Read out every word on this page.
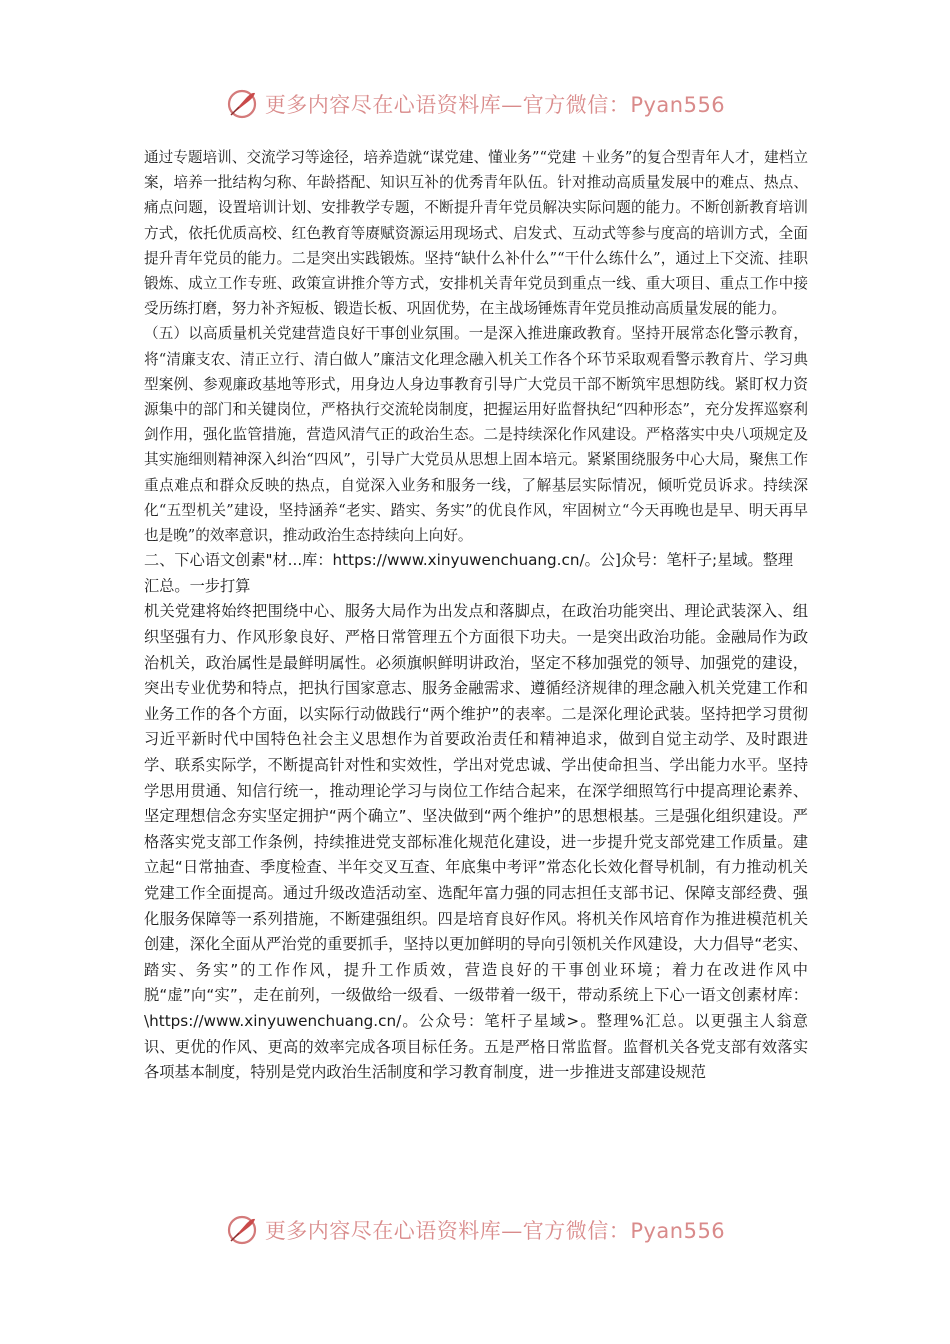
更多内容尽在心语资料库—官方微信：Pyan556

通过专题培训、交流学习等途径，培养造就“谋党建、懂业务”“党建 ＋业务”的复合型青年人才，建档立案，培养一批结构匀称、年龄搭配、知识互补的优秀青年队伍。针对推动高质量发展中的难点、热点、痛点问题，设置培训计划、安排教学专题，不断提升青年党员解决实际问题的能力。不断创新教育培训方式，依托优质高校、红色教育等赓赋资源运用现场式、启发式、互动式等参与度高的培训方式，全面提升青年党员的能力。二是突出实践锻炼。坚持“缺什么补什么”“干什么练什么”，通过上下交流、挂职锻炼、成立工作专班、政策宣讲推介等方式，安排机关青年党员到重点一线、重大项目、重点工作中接受历练打磨，努力补齐短板、锻造长板、巩固优势，在主战场锤炼青年党员推动高质量发展的能力。

（五）以高质量机关党建营造良好干事创业氛围。一是深入推进廉政教育。坚持开展常态化警示教育，将“清廉支农、清正立行、清白做人”廉洁文化理念融入机关工作各个环节采取观看警示教育片、学习典型案例、参观廉政基地等形式，用身边人身边事教育引导广大党员干部不断筑牢思想防线。紧盯权力资源集中的部门和关键岗位，严格执行交流轮岗制度，把握运用好监督执纪“四种形态”，充分发挥巡察利剑作用，强化监管措施，营造风清气正的政治生态。二是持续深化作风建设。严格落实中央八项规定及其实施细则精神深入纠治“四风”，引导广大党员从思想上固本培元。紧紧围绕服务中心大局，聚焦工作重点难点和群众反映的热点，自觉深入业务和服务一线，了解基层实际情况，倾听党员诉求。持续深化“五型机关”建设，坚持涵养“老实、踏实、务实”的优良作风，牢固树立“今天再晚也是早、明天再早也是晚”的效率意识，推动政治生态持续向上向好。

二、下心语文创素"材...库：https://www.xinyuwenchuang.cn/。公]众号：笔杆子;星域。整理汇总。一步打算

机关党建将始终把围绕中心、服务大局作为出发点和落脚点，在政治功能突出、理论武装深入、组织坚强有力、作风形象良好、严格日常管理五个方面很下功夫。一是突出政治功能。金融局作为政治机关，政治属性是最鲜明属性。必须旗帜鲜明讲政治，坚定不移加强党的领导、加强党的建设，突出专业优势和特点，把执行国家意志、服务金融需求、遵循经济规律的理念融入机关党建工作和业务工作的各个方面，以实际行动做践行“两个维护”的表率。二是深化理论武装。坚持把学习贯彻习近平新时代中国特色社会主义思想作为首要政治责任和精神追求，做到自觉主动学、及时跟进学、联系实际学，不断提高针对性和实效性，学出对党忠诚、学出使命担当、学出能力水平。坚持学思用贯通、知信行统一，推动理论学习与岗位工作结合起来，在深学细照笃行中提高理论素养、坚定理想信念夯实坚定拥护“两个确立”、坚决做到“两个维护”的思想根基。三是强化组织建设。严格落实党支部工作条例，持续推进党支部标准化规范化建设，进一步提升党支部党建工作质量。建立起“日常抽查、季度检查、半年交叉互查、年底集中考评”常态化长效化督导机制，有力推动机关党建工作全面提高。通过升级改造活动室、选配年富力强的同志担任支部书记、保障支部经费、强化服务保障等一系列措施，不断建强组织。四是培育良好作风。将机关作风培育作为推进模范机关创建，深化全面从严治党的重要抓手，坚持以更加鲜明的导向引领机关作风建设，大力倡导“老实、踏实、务实”的工作作风，提升工作质效，营造良好的干事创业环境；着力在改进作风中脱“虚”向“实”，走在前列，一级做给一级看、一级带着一级干，带动系统上下心一语文创素材库：\https://www.xinyuwenchuang.cn/。公众号：笔杆子星域>。整理%汇总。以更强主人翁意识、更优的作风、更高的效率完成各项目标任务。五是严格日常监督。监督机关各党支部有效落实各项基本制度，特别是党内政治生活制度和学习教育制度，进一步推进支部建设规范

更多内容尽在心语资料库—官方微信：Pyan556
